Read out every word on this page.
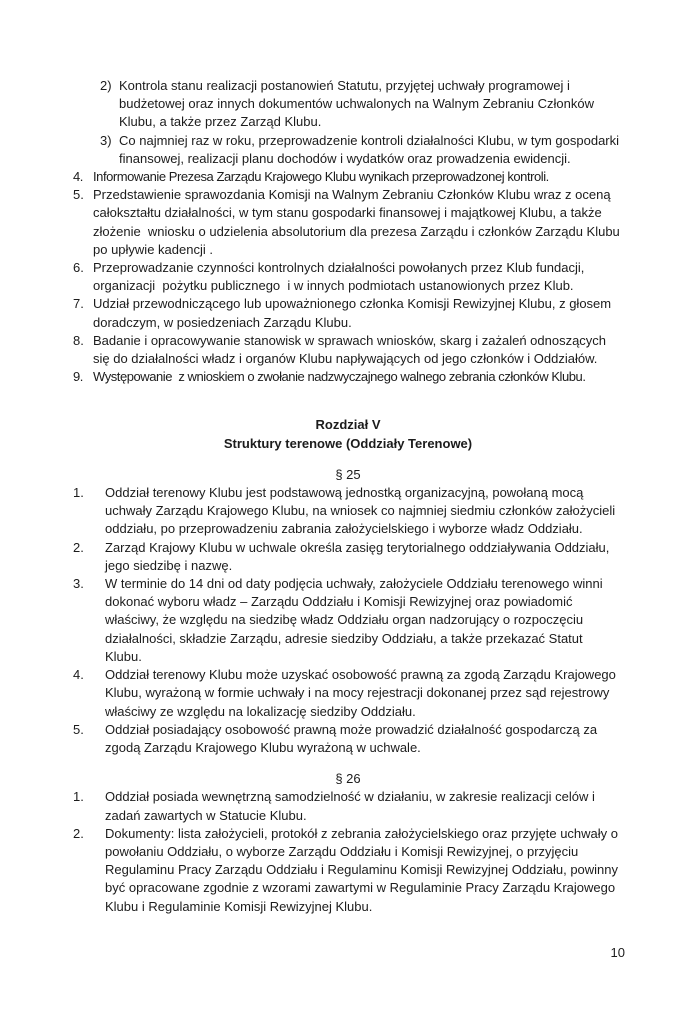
2) Kontrola stanu realizacji postanowień Statutu, przyjętej uchwały programowej i budżetowej oraz innych dokumentów uchwalonych na Walnym Zebraniu Członków Klubu, a także przez Zarząd Klubu.
3) Co najmniej raz w roku, przeprowadzenie kontroli działalności Klubu, w tym gospodarki finansowej, realizacji planu dochodów i wydatków oraz prowadzenia ewidencji.
4. Informowanie Prezesa Zarządu Krajowego Klubu wynikach przeprowadzonej kontroli.
5. Przedstawienie sprawozdania Komisji na Walnym Zebraniu Członków Klubu wraz z oceną całokształtu działalności, w tym stanu gospodarki finansowej i majątkowej Klubu, a także złożenie  wniosku o udzielenia absolutorium dla prezesa Zarządu i członków Zarządu Klubu  po upływie kadencji .
6. Przeprowadzanie czynności kontrolnych działalności powołanych przez Klub fundacji, organizacji  pożytku publicznego  i w innych podmiotach ustanowionych przez Klub.
7. Udział przewodniczącego lub upoważnionego członka Komisji Rewizyjnej Klubu, z głosem doradczym, w posiedzeniach Zarządu Klubu.
8. Badanie i opracowywanie stanowisk w sprawach wniosków, skarg i zażaleń odnoszących się do działalności władz i organów Klubu napływających od jego członków i Oddziałów.
9. Występowanie  z wnioskiem o zwołanie nadzwyczajnego walnego zebrania członków Klubu.
Rozdział V
Struktury terenowe (Oddziały Terenowe)
§ 25
1.	Oddział terenowy Klubu jest podstawową jednostką organizacyjną, powołaną mocą uchwały Zarządu Krajowego Klubu, na wniosek co najmniej siedmiu członków założycieli oddziału, po przeprowadzeniu zabrania założycielskiego i wyborze władz Oddziału.
2.	Zarząd Krajowy Klubu w uchwale określa zasięg terytorialnego oddziaływania Oddziału, jego siedzibę i nazwę.
3.	W terminie do 14 dni od daty podjęcia uchwały, założyciele Oddziału terenowego winni dokonać wyboru władz – Zarządu Oddziału i Komisji Rewizyjnej oraz powiadomić właściwy, że względu na siedzibę władz Oddziału organ nadzorujący o rozpoczęciu działalności, składzie Zarządu, adresie siedziby Oddziału, a także przekazać Statut Klubu.
4.	Oddział terenowy Klubu może uzyskać osobowość prawną za zgodą Zarządu Krajowego Klubu, wyrażoną w formie uchwały i na mocy rejestracji dokonanej przez sąd rejestrowy właściwy ze względu na lokalizację siedziby Oddziału.
5.	Oddział posiadający osobowość prawną może prowadzić działalność gospodarczą za zgodą Zarządu Krajowego Klubu wyrażoną w uchwale.
§ 26
1.	Oddział posiada wewnętrzną samodzielność w działaniu, w zakresie realizacji celów i zadań zawartych w Statucie Klubu.
2.	Dokumenty: lista założycieli, protokół z zebrania założycielskiego oraz przyjęte uchwały o powołaniu Oddziału, o wyborze Zarządu Oddziału i Komisji Rewizyjnej, o przyjęciu Regulaminu Pracy Zarządu Oddziału i Regulaminu Komisji Rewizyjnej Oddziału, powinny być opracowane zgodnie z wzorami zawartymi w Regulaminie Pracy Zarządu Krajowego Klubu i Regulaminie Komisji Rewizyjnej Klubu.
10
